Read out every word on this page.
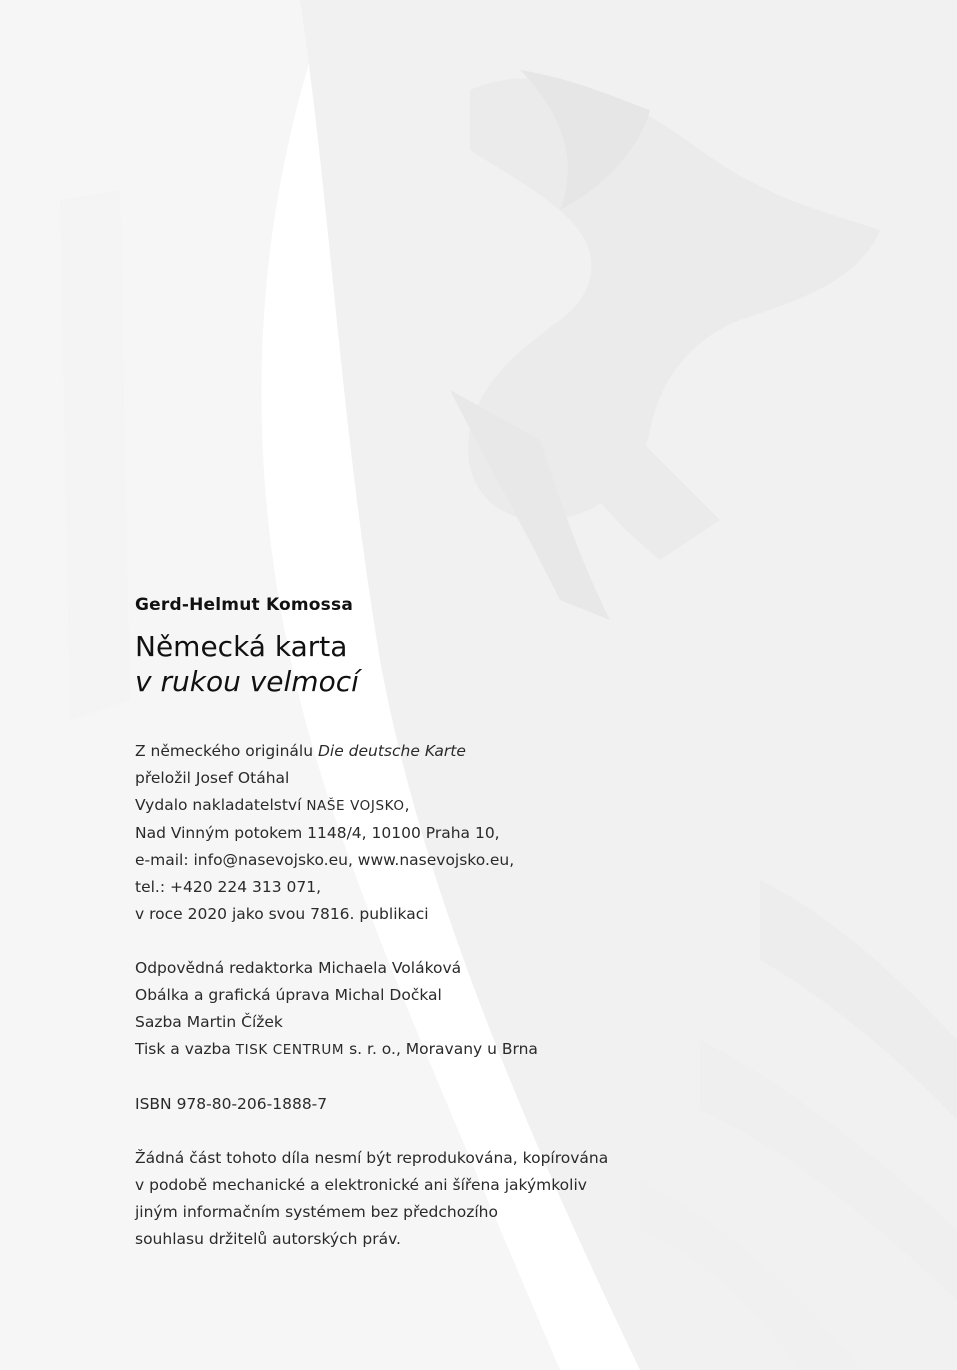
Gerd-Helmut Komossa
Německá karta
v rukou velmocí
Z německého originálu Die deutsche Karte
přeložil Josef Otáhal
Vydalo nakladatelství NAŠE VOJSKO,
Nad Vinným potokem 1148/4, 10100 Praha 10,
e-mail: info@nasevojsko.eu, www.nasevojsko.eu,
tel.: +420 224 313 071,
v roce 2020 jako svou 7816. publikaci
Odpovědná redaktorka Michaela Voláková
Obálka a grafická úprava Michal Dočkal
Sazba Martin Čížek
Tisk a vazba TISK CENTRUM s. r. o., Moravany u Brna
ISBN 978-80-206-1888-7
Žádná část tohoto díla nesmí být reprodukována, kopírována
v podobě mechanické a elektronické ani šířena jakýmkoliv
jiným informačním systémem bez předchozího
souhlasu držitelů autorských práv.
